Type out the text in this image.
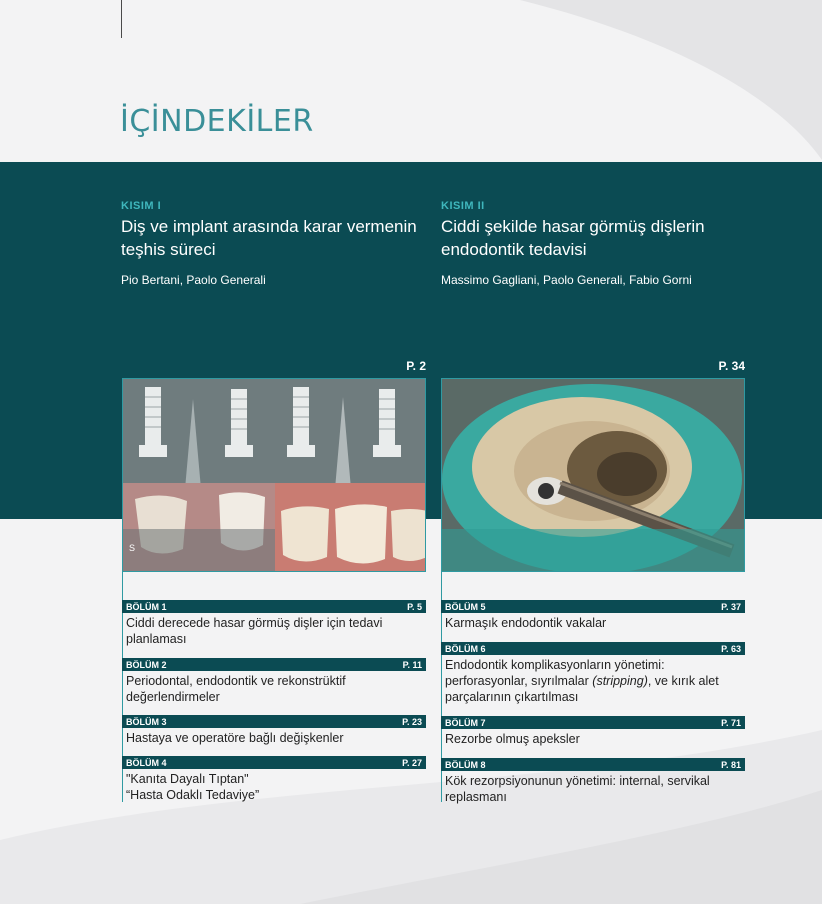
İÇİNDEKİLER
KISIM I
Diş ve implant arasında karar vermenin teşhis süreci
Pio Bertani, Paolo Generali
P. 2
KISIM II
Ciddi şekilde hasar görmüş dişlerin endodontik tedavisi
Massimo Gagliani, Paolo Generali, Fabio Gorni
P. 34
S
BÖLÜM 1	P. 5
Ciddi derecede hasar görmüş dişler için tedavi planlaması
BÖLÜM 2	P. 11
Periodontal, endodontik ve rekonstrüktif değerlendirmeler
BÖLÜM 3	P. 23
Hastaya ve operatöre bağlı değişkenler
BÖLÜM 4	P. 27
"Kanıta Dayalı Tıptan"
“Hasta Odaklı Tedaviye”
BÖLÜM 5	P. 37
Karmaşık endodontik vakalar
BÖLÜM 6	P. 63
Endodontik komplikasyonların yönetimi: perforasyonlar, sıyrılmalar (stripping), ve kırık alet parçalarının çıkartılması
BÖLÜM 7	P. 71
Rezorbe olmuş apeksler
BÖLÜM 8	P. 81
Kök rezorpsiyonunun yönetimi: internal, servikal replasmanı
